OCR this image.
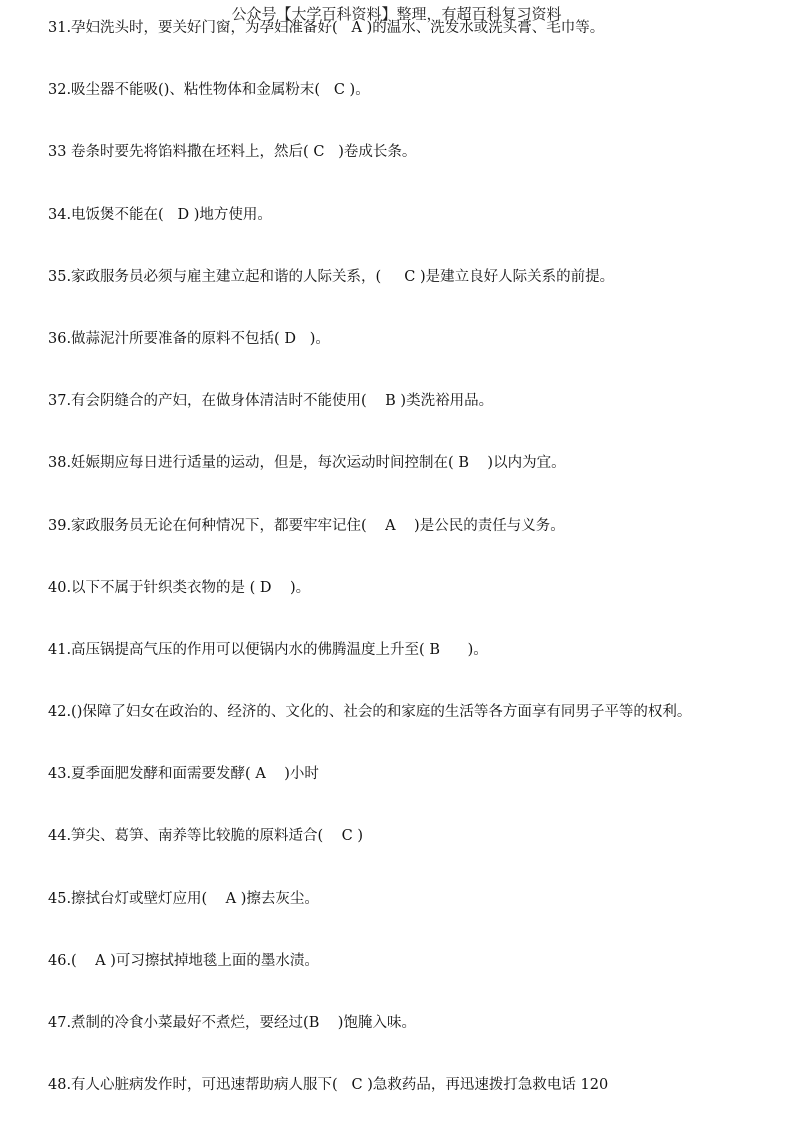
公众号【大学百科资料】整理，有超百科复习资料
31.孕妇洗头时，要关好门窗，为孕妇准备好(   A )的温水、洗发水或洗头膏、毛巾等。

32.吸尘器不能吸()、粘性物体和金属粉末(   C )。

33 卷条时要先将馅料撒在坯料上，然后( C   )卷成长条。

34.电饭煲不能在(   D )地方使用。

35.家政服务员必须与雇主建立起和谐的人际关系，(     C )是建立良好人际关系的前提。

36.做蒜泥汁所要准备的原料不包括( D   )。

37.有会阴缝合的产妇，在做身体清洁时不能使用(    B )类洗裕用品。

38.妊娠期应每日进行适量的运动，但是，每次运动时间控制在( B    )以内为宜。

39.家政服务员无论在何种情况下，都要牢牢记住(    A    )是公民的责任与义务。

40.以下不属于针织类衣物的是 ( D    )。

41.高压锅提高气压的作用可以便锅内水的佛腾温度上升至( B      )。

42.()保障了妇女在政治的、经济的、文化的、社会的和家庭的生活等各方面享有同男子平等的权利。

43.夏季面肥发酵和面需要发酵( A    )小时

44.笋尖、葛笋、南养等比较脆的原料适合(    C )

45.擦拭台灯或壁灯应用(    A )擦去灰尘。

46.(    A )可习擦拭掉地毯上面的墨水渍。

47.煮制的冷食小菜最好不煮烂，要经过(B    )饱腌入味。

48.有人心脏病发作时，可迅速帮助病人服下(   C )急救药品，再迅速拨打急救电话 120
